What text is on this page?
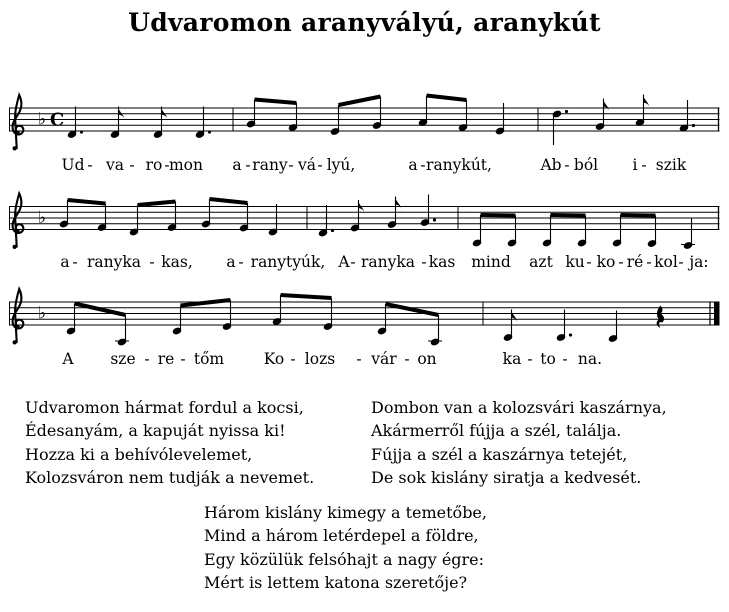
Udvaromon aranyvályú, aranykút
♭ C
Ud - va - ro - mon a - rany - vá - lyú,	a - ranykút,	Ab - ból i - szik
♭
a - ranyka - kas, a - ranytyúk, A - ranyka - kas mind azt ku - ko - ré - kol - ja:
♭
A sze - re - tőm	Ko - lozs - vár - on	ka - to - na.
Udvaromon hármat fordul a kocsi,
Édesanyám, a kapuját nyissa ki!
Hozza ki a behívólevelemet,
Kolozsváron nem tudják a nevemet.
Dombon van a kolozsvári kaszárnya,
Akármerről fújja a szél, találja.
Fújja a szél a kaszárnya tetejét,
De sok kislány siratja a kedvesét.
Három kislány kimegy a temetőbe,
Mind a három letérdepel a földre,
Egy közülük felsóhajt a nagy égre:
Mért is lettem katona szeretője?
